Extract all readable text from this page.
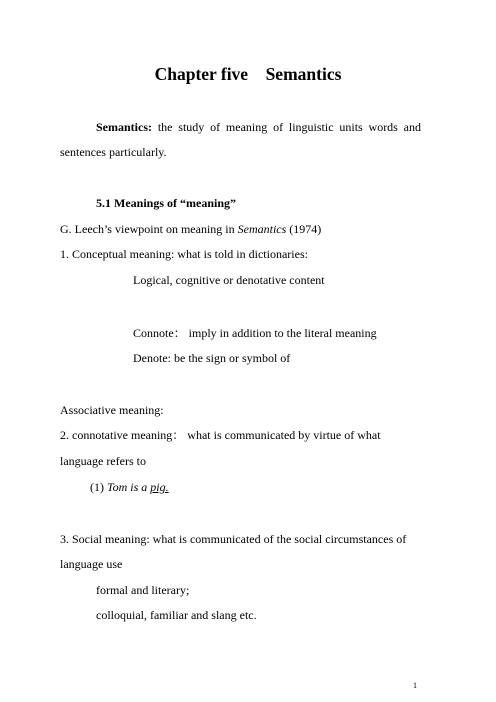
Chapter five    Semantics
Semantics: the study of meaning of linguistic units words and
sentences particularly.
5.1 Meanings of “meaning”
G. Leech’s viewpoint on meaning in Semantics (1974)
1. Conceptual meaning: what is told in dictionaries:
Logical, cognitive or denotative content
Connote： imply in addition to the literal meaning
Denote: be the sign or symbol of
Associative meaning:
2. connotative meaning： what is communicated by virtue of what
language refers to
(1) Tom is a pig.
3. Social meaning: what is communicated of the social circumstances of
language use
formal and literary;
colloquial, familiar and slang etc.
1
